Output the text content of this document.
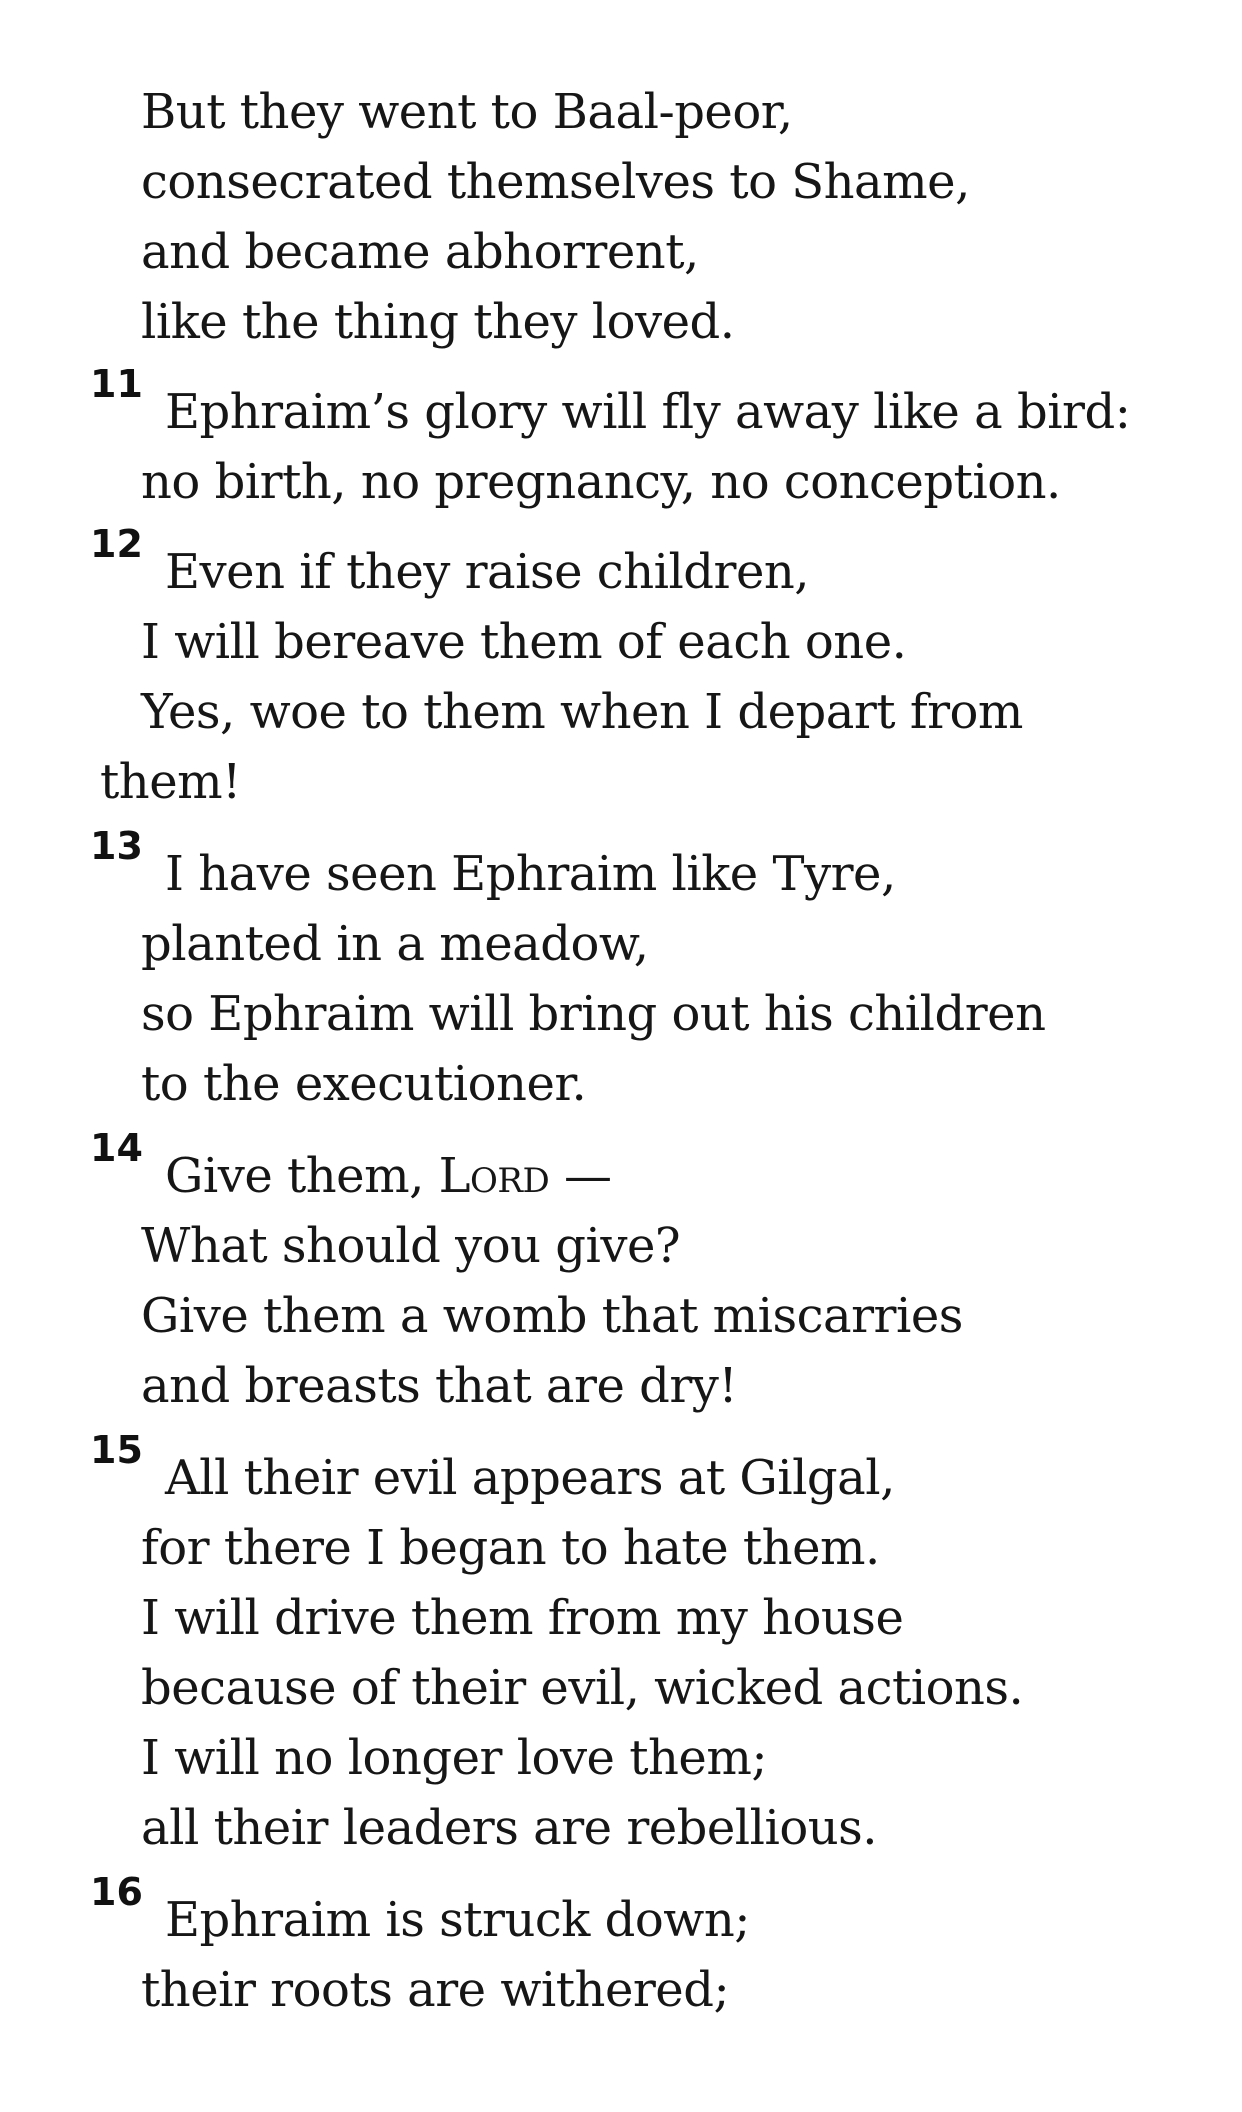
But they went to Baal-peor,
consecrated themselves to Shame,
and became abhorrent,
like the thing they loved.
11 Ephraim’s glory will fly away like a bird:
no birth, no pregnancy, no conception.
12 Even if they raise children,
I will bereave them of each one.
Yes, woe to them when I depart from
them!
13 I have seen Ephraim like Tyre,
planted in a meadow,
so Ephraim will bring out his children
to the executioner.
14 Give them, Lord —
What should you give?
Give them a womb that miscarries
and breasts that are dry!
15 All their evil appears at Gilgal,
for there I began to hate them.
I will drive them from my house
because of their evil, wicked actions.
I will no longer love them;
all their leaders are rebellious.
16 Ephraim is struck down;
their roots are withered;
